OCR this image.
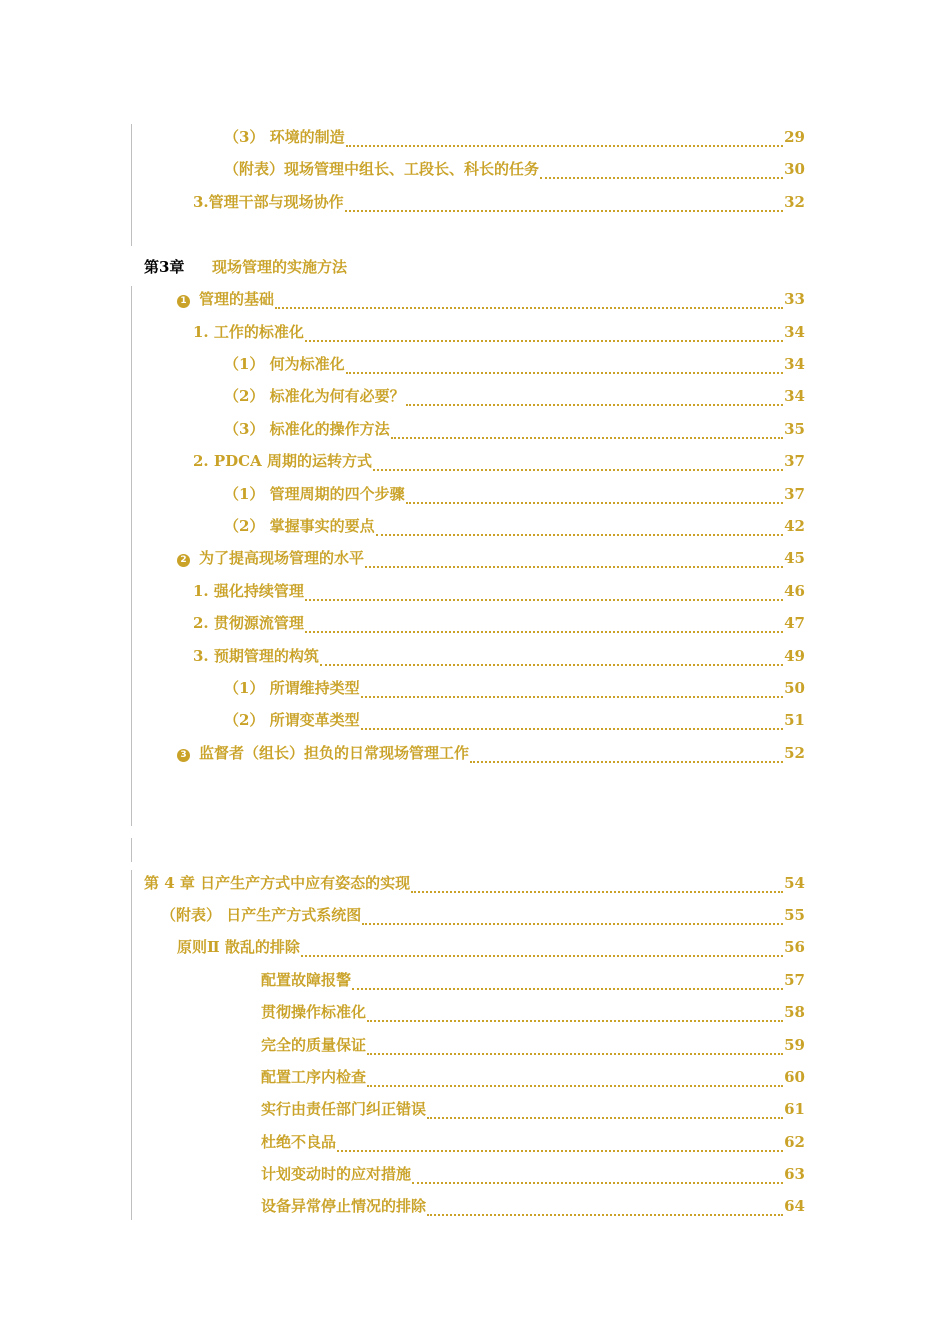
（3） 环境的制造	29
（附表）现场管理中组长、工段长、科长的任务	30
3.管理干部与现场协作	32
第3章	现场管理的实施方法
1 管理的基础	33
1. 工作的标准化	34
（1） 何为标准化	34
（2） 标准化为何有必要？	34
（3） 标准化的操作方法	35
2. PDCA 周期的运转方式	37
（1） 管理周期的四个步骤	37
（2） 掌握事实的要点	42
2 为了提高现场管理的水平	45
1. 强化持续管理	46
2. 贯彻源流管理	47
3. 预期管理的构筑	49
（1） 所谓维持类型	50
（2） 所谓变革类型	51
3 监督者（组长）担负的日常现场管理工作	52
第 4 章 日产生产方式中应有姿态的实现	54
（附表） 日产生产方式系统图	55
原则Ⅱ 散乱的排除	56
配置故障报警	57
贯彻操作标准化	58
完全的质量保证	59
配置工序内检查	60
实行由责任部门纠正错误	61
杜绝不良品	62
计划变动时的应对措施	63
设备异常停止情况的排除	64
